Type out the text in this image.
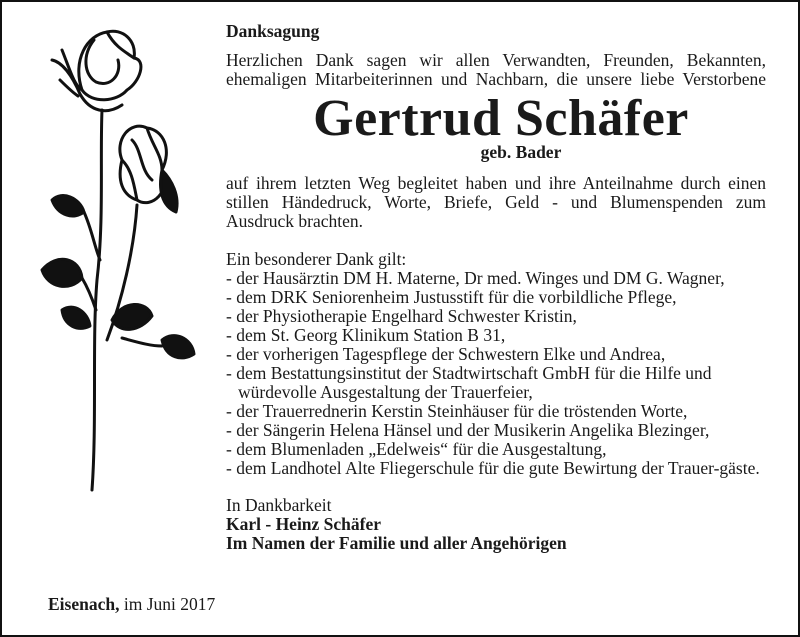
Danksagung

Herzlichen Dank sagen wir allen Verwandten, Freunden, Bekannten,
ehemaligen Mitarbeiterinnen und Nachbarn, die unsere liebe Verstorbene

Gertrud Schäfer

geb. Bader

auf ihrem letzten Weg begleitet haben und ihre Anteilnahme durch einen stillen Händedruck, Worte, Briefe, Geld - und Blumenspenden zum Ausdruck brachten.

Ein besonderer Dank gilt:

- der Hausärztin DM H. Materne, Dr med. Winges und DM G. Wagner,
- dem DRK Seniorenheim Justusstift für die vorbildliche Pflege,
- der Physiotherapie Engelhard Schwester Kristin,
- dem St. Georg Klinikum Station B 31,
- der vorherigen Tagespflege der Schwestern Elke und Andrea,
- dem Bestattungsinstitut der Stadtwirtschaft GmbH für die Hilfe und würdevolle Ausgestaltung der Trauerfeier,
- der Trauerrednerin Kerstin Steinhäuser für die tröstenden Worte,
- der Sängerin Helena Hänsel und der Musikerin Angelika Blezinger,
- dem Blumenladen „Edelweis“ für die Ausgestaltung,
- dem Landhotel Alte Fliegerschule für die gute Bewirtung der Trauer-gäste.
In Dankbarkeit
Karl - Heinz Schäfer
Im Namen der Familie und aller Angehörigen
Eisenach, im Juni 2017
